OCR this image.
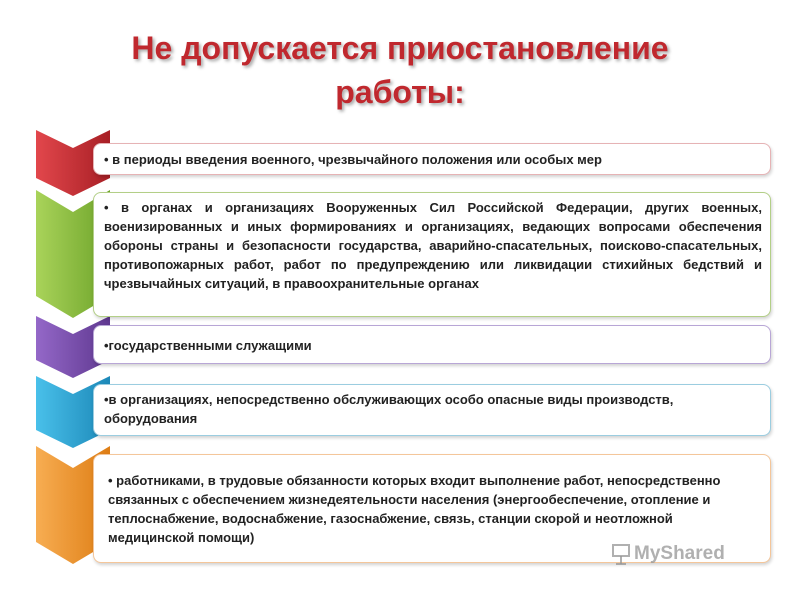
Не допускается приостановление
работы:
• в периоды введения военного, чрезвычайного положения или особых мер
• в органах и организациях Вооруженных Сил Российской Федерации, других военных, военизированных и иных формированиях и организациях, ведающих вопросами обеспечения обороны страны и безопасности государства, аварийно-спасательных, поисково-спасательных, противопожарных работ, работ по предупреждению или ликвидации стихийных бедствий и чрезвычайных ситуаций, в правоохранительные органах
•государственными служащими
•в организациях, непосредственно обслуживающих особо опасные виды производств, оборудования
• работниками, в трудовые обязанности которых входит выполнение работ, непосредственно связанных с обеспечением жизнедеятельности населения (энергообеспечение, отопление и теплоснабжение, водоснабжение, газоснабжение, связь, станции скорой и неотложной медицинской помощи)
MyShared
